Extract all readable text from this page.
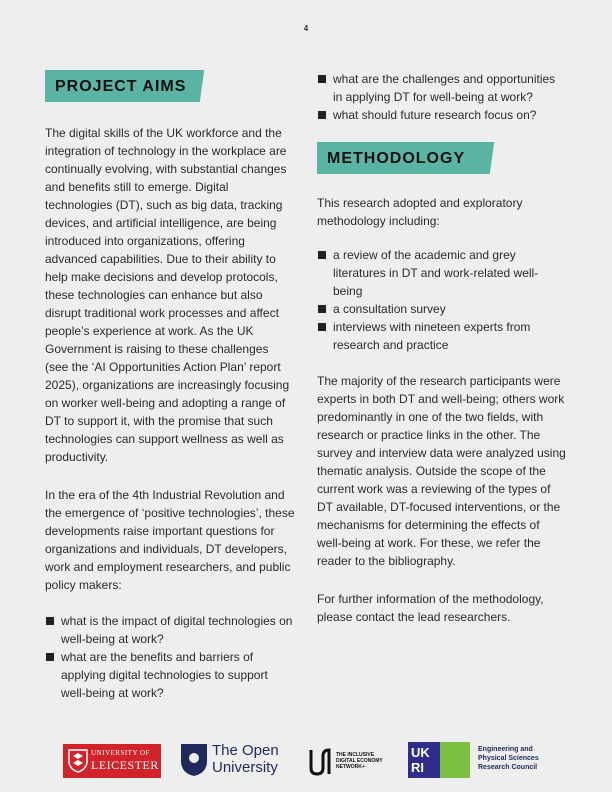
4
PROJECT AIMS

The digital skills of the UK workforce and the integration of technology in the workplace are continually evolving, with substantial changes and benefits still to emerge. Digital technologies (DT), such as big data, tracking devices, and artificial intelligence, are being introduced into organizations, offering advanced capabilities. Due to their ability to help make decisions and develop protocols, these technologies can enhance but also disrupt traditional work processes and affect people’s experience at work. As the UK Government is raising to these challenges (see the ‘AI Opportunities Action Plan’ report 2025), organizations are increasingly focusing on worker well-being and adopting a range of DT to support it, with the promise that such technologies can support wellness as well as productivity.

In the era of the 4th Industrial Revolution and the emergence of ‘positive technologies’, these developments raise important questions for organizations and individuals, DT developers, work and employment researchers, and public policy makers:

what is the impact of digital technologies on well-being at work?
what are the benefits and barriers of applying digital technologies to support well-being at work?
what are the challenges and opportunities in applying DT for well-being at work?
what should future research focus on?
METHODOLOGY

This research adopted and exploratory methodology including:

a review of the academic and grey literatures in DT and work-related well-being
a consultation survey
interviews with nineteen experts from research and practice

The majority of the research participants were experts in both DT and well-being; others work predominantly in one of the two fields, with research or practice links in the other. The survey and interview data were analyzed using thematic analysis. Outside the scope of the current work was a reviewing of the types of DT available, DT-focused interventions, or the mechanisms for determining the effects of well-being at work. For these, we refer the reader to the bibliography.

For further information of the methodology, please contact the lead researchers.

UNIVERSITY OF
LEICESTER
The Open
University
THE INCLUSIVE DIGITAL ECONOMY NETWORK+
UK RI
Engineering and
Physical Sciences
Research Council
